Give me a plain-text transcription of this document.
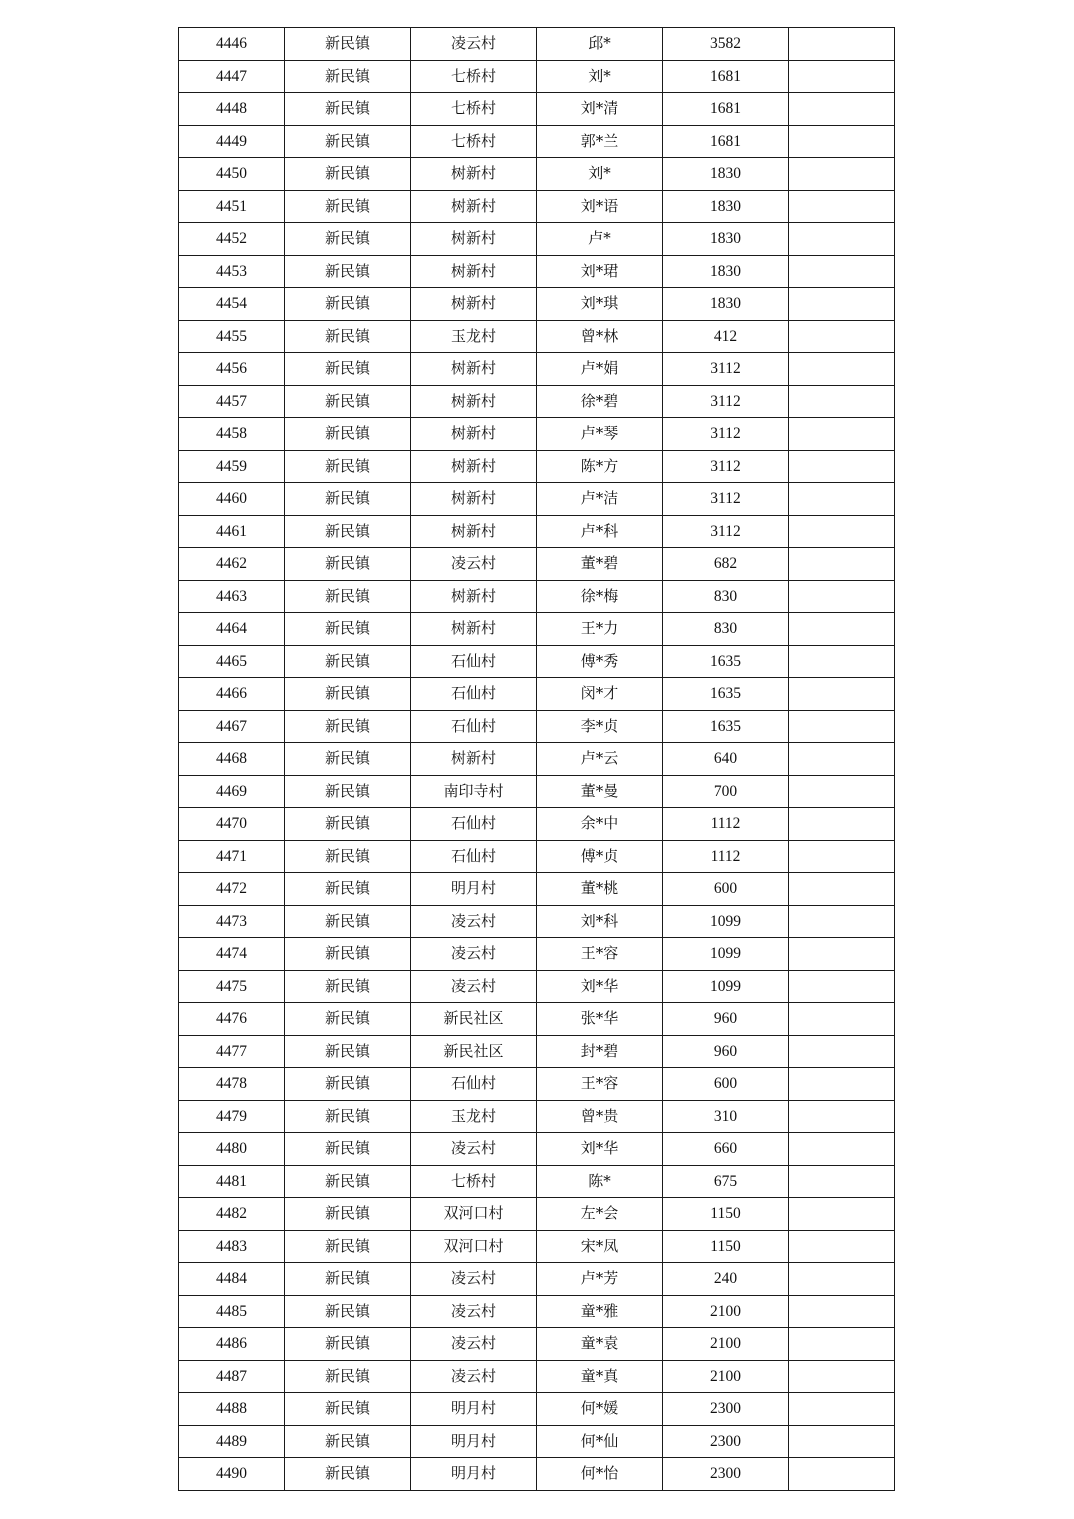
4446	新民镇	凌云村	邱*	3582	
4447	新民镇	七桥村	刘*	1681	
4448	新民镇	七桥村	刘*清	1681	
4449	新民镇	七桥村	郭*兰	1681	
4450	新民镇	树新村	刘*	1830	
4451	新民镇	树新村	刘*语	1830	
4452	新民镇	树新村	卢*	1830	
4453	新民镇	树新村	刘*珺	1830	
4454	新民镇	树新村	刘*琪	1830	
4455	新民镇	玉龙村	曾*林	412	
4456	新民镇	树新村	卢*娟	3112	
4457	新民镇	树新村	徐*碧	3112	
4458	新民镇	树新村	卢*琴	3112	
4459	新民镇	树新村	陈*方	3112	
4460	新民镇	树新村	卢*洁	3112	
4461	新民镇	树新村	卢*科	3112	
4462	新民镇	凌云村	董*碧	682	
4463	新民镇	树新村	徐*梅	830	
4464	新民镇	树新村	王*力	830	
4465	新民镇	石仙村	傅*秀	1635	
4466	新民镇	石仙村	闵*才	1635	
4467	新民镇	石仙村	李*贞	1635	
4468	新民镇	树新村	卢*云	640	
4469	新民镇	南印寺村	董*曼	700	
4470	新民镇	石仙村	余*中	1112	
4471	新民镇	石仙村	傅*贞	1112	
4472	新民镇	明月村	董*桃	600	
4473	新民镇	凌云村	刘*科	1099	
4474	新民镇	凌云村	王*容	1099	
4475	新民镇	凌云村	刘*华	1099	
4476	新民镇	新民社区	张*华	960	
4477	新民镇	新民社区	封*碧	960	
4478	新民镇	石仙村	王*容	600	
4479	新民镇	玉龙村	曾*贵	310	
4480	新民镇	凌云村	刘*华	660	
4481	新民镇	七桥村	陈*	675	
4482	新民镇	双河口村	左*会	1150	
4483	新民镇	双河口村	宋*凤	1150	
4484	新民镇	凌云村	卢*芳	240	
4485	新民镇	凌云村	童*雅	2100	
4486	新民镇	凌云村	童*袁	2100	
4487	新民镇	凌云村	童*真	2100	
4488	新民镇	明月村	何*媛	2300	
4489	新民镇	明月村	何*仙	2300	
4490	新民镇	明月村	何*怡	2300	
